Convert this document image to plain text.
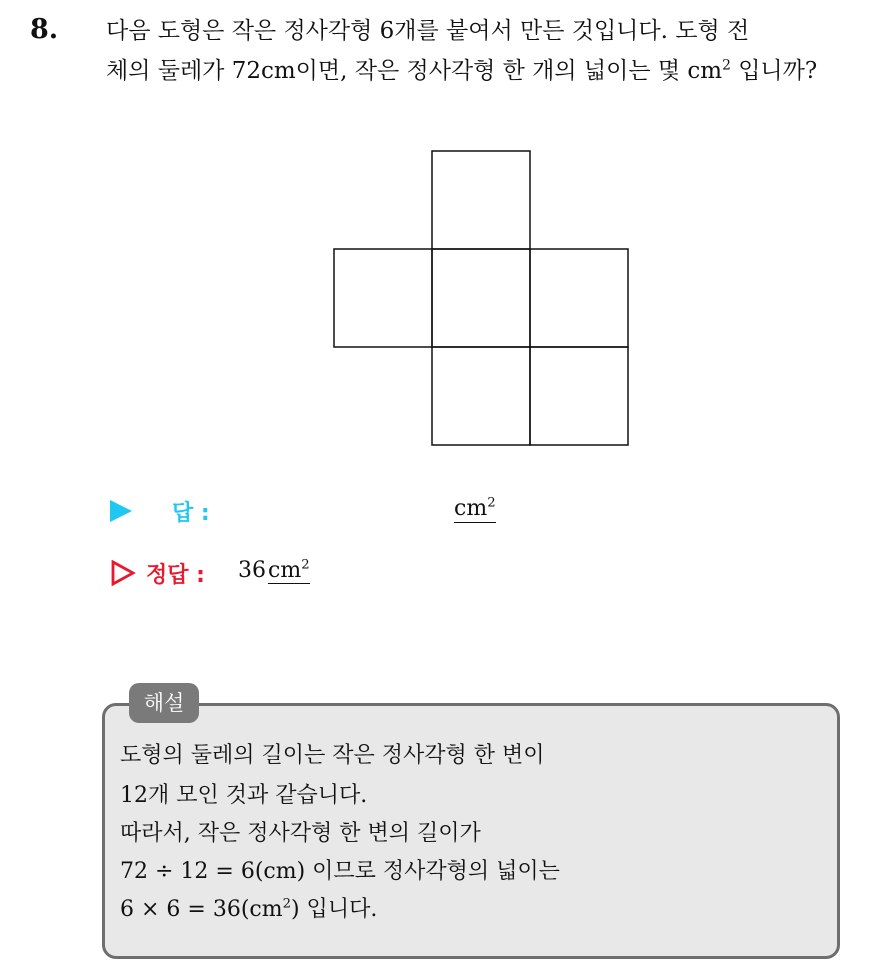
8. 다음 도형은 작은 정사각형 6개를 붙여서 만든 것입니다. 도형 전
체의 둘레가 72cm이면, 작은 정사각형 한 개의 넓이는 몇 $cm^2$ 입니까?
답 :	$cm^2$
정답 : $36cm^2$
해설
도형의 둘레의 길이는 작은 정사각형 한 변이
12개 모인 것과 같습니다.
따라서, 작은 정사각형 한 변의 길이가
72 ÷ 12 = 6(cm) 이므로 정사각형의 넓이는
$6 \times 6 = 36(cm^2)$ 입니다.
